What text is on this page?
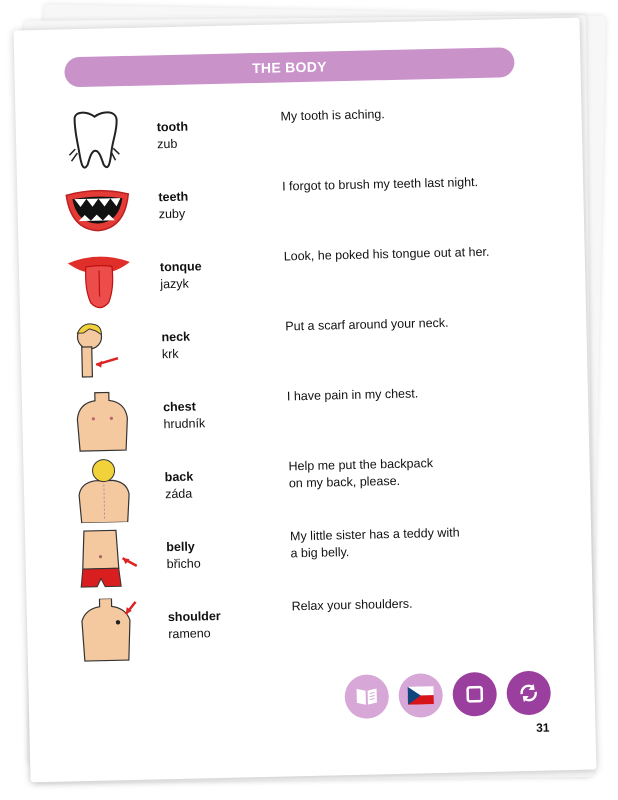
THE BODY
tooth
zub
My tooth is aching.
teeth
zuby
I forgot to brush my teeth last night.
tonque
jazyk
Look, he poked his tongue out at her.
neck
krk
Put a scarf around your neck.
chest
hrudník
I have pain in my chest.
back
záda
Help me put the backpack
on my back, please.
belly
břicho
My little sister has a teddy with
a big belly.
shoulder
rameno
Relax your shoulders.
31
